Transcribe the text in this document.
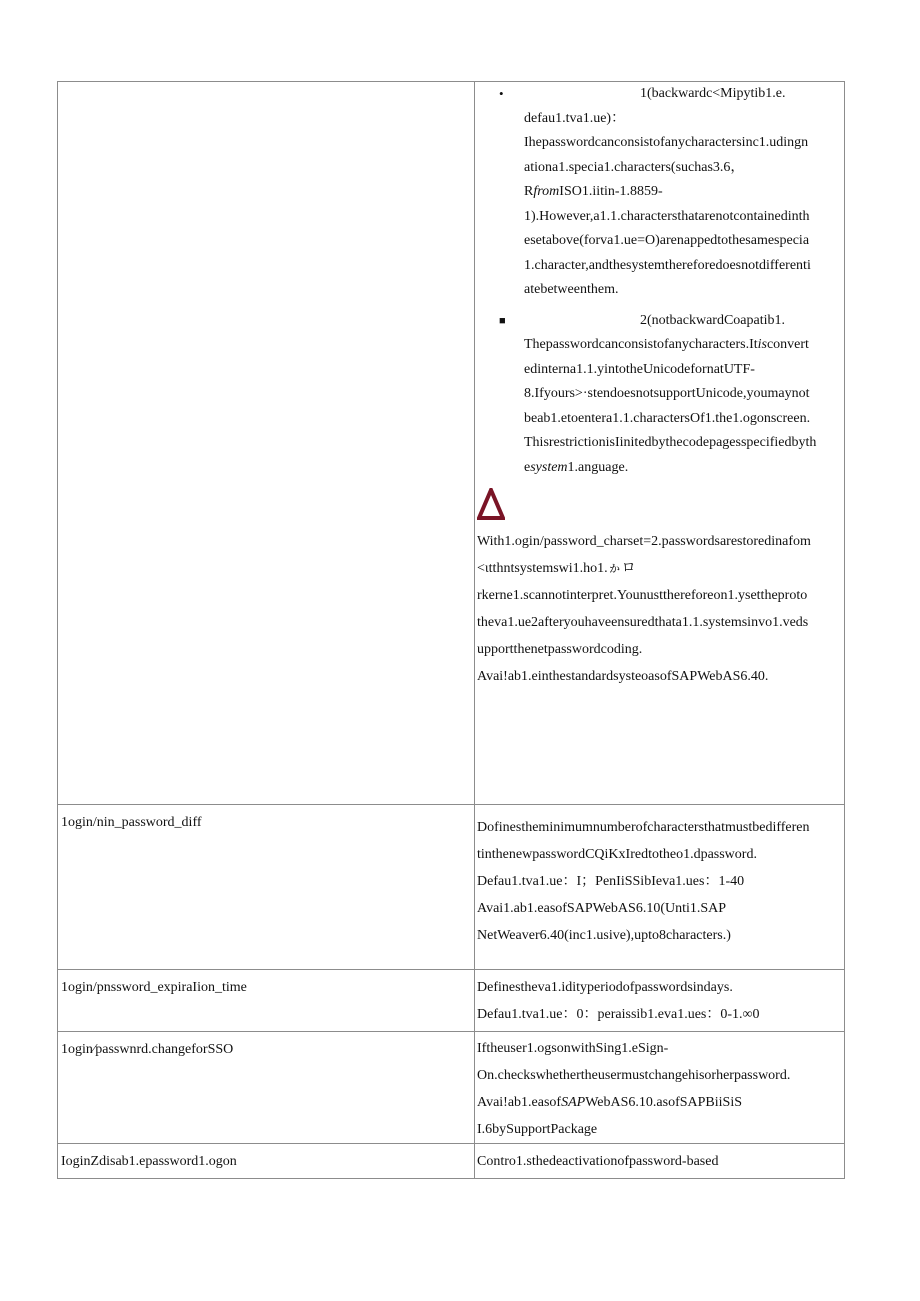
•	1(backwardc<Mipytib1.e.
defau1.tva1.ue)：
Ihepasswordcanconsistofanycharactersinc1.udingn
ationa1.specia1.characters(suchas3.6，
RfromISO1.iitin-1.8859-
1).However,a1.1.charactersthatarenotcontainedinth
esetabove(forva1.ue=O)arenappedtothesamespecia
1.character,andthesystemtherefore​doesnotdifferenti
atebetweenthem.
■	2(notbackwardCoapatib1.
Thepasswordcanconsistofanycharacters.Itisconvert
edinterna1.1.yintotheUnicodefornatUTF-
8.Ifyours>·stendoesnotsupportUnicode,youmaynot
beab1.etoentera1.1.charactersOf1.the1.ogonscreen.
ThisrestrictionisIinitedbythecodepagesspecifiedbyth
esystem1.anguage.
With1.ogin/password_charset=2.passwordsarestoredinafom
<ιtthntsystemswi1.ho1.ゕロ
rkerne1.scannotinterpret.Younustthereforeon1.ysettheproto
theva1.ue2afteryouhaveensuredthata1.1.systemsinvo1.veds
upportthenetpasswordcoding.
Avai!ab1.einthestandardsysteoasofSAPWebAS6.40.

1ogin/nin_password_diff	Dofinestheminimumnumberofcharactersthatmustbedifferen
tinthenewpasswordCQiKxIredtotheo1.dpassword.
Defau1.tva1.ue：I；PenIiSSibIeva1.ues：1-40
Avai1.ab1.easofSAPWebAS6.10(Unti1.SAP
NetWeaver6.40(inc1.usive),upto8characters.)

1ogin/pnssword_expiraIion_time	Definestheva1.idityperiodofpasswordsindays.
Defau1.tva1.ue：0：peraissib1.eva1.ues：0-1.∞0

1ogin⁄passwnrd.changeforSSO	Iftheuser1.ogsonwithSing1.eSign-
On.checkswhethertheusermustchangehisorherpassword.
Avai!ab1.easofSAPWebAS6.10.asofSAPBiiSiS
I.6bySupportPackage

IoginZdisab1.epassword1.ogon	Contro1.sthedeactivationofpassword-based
